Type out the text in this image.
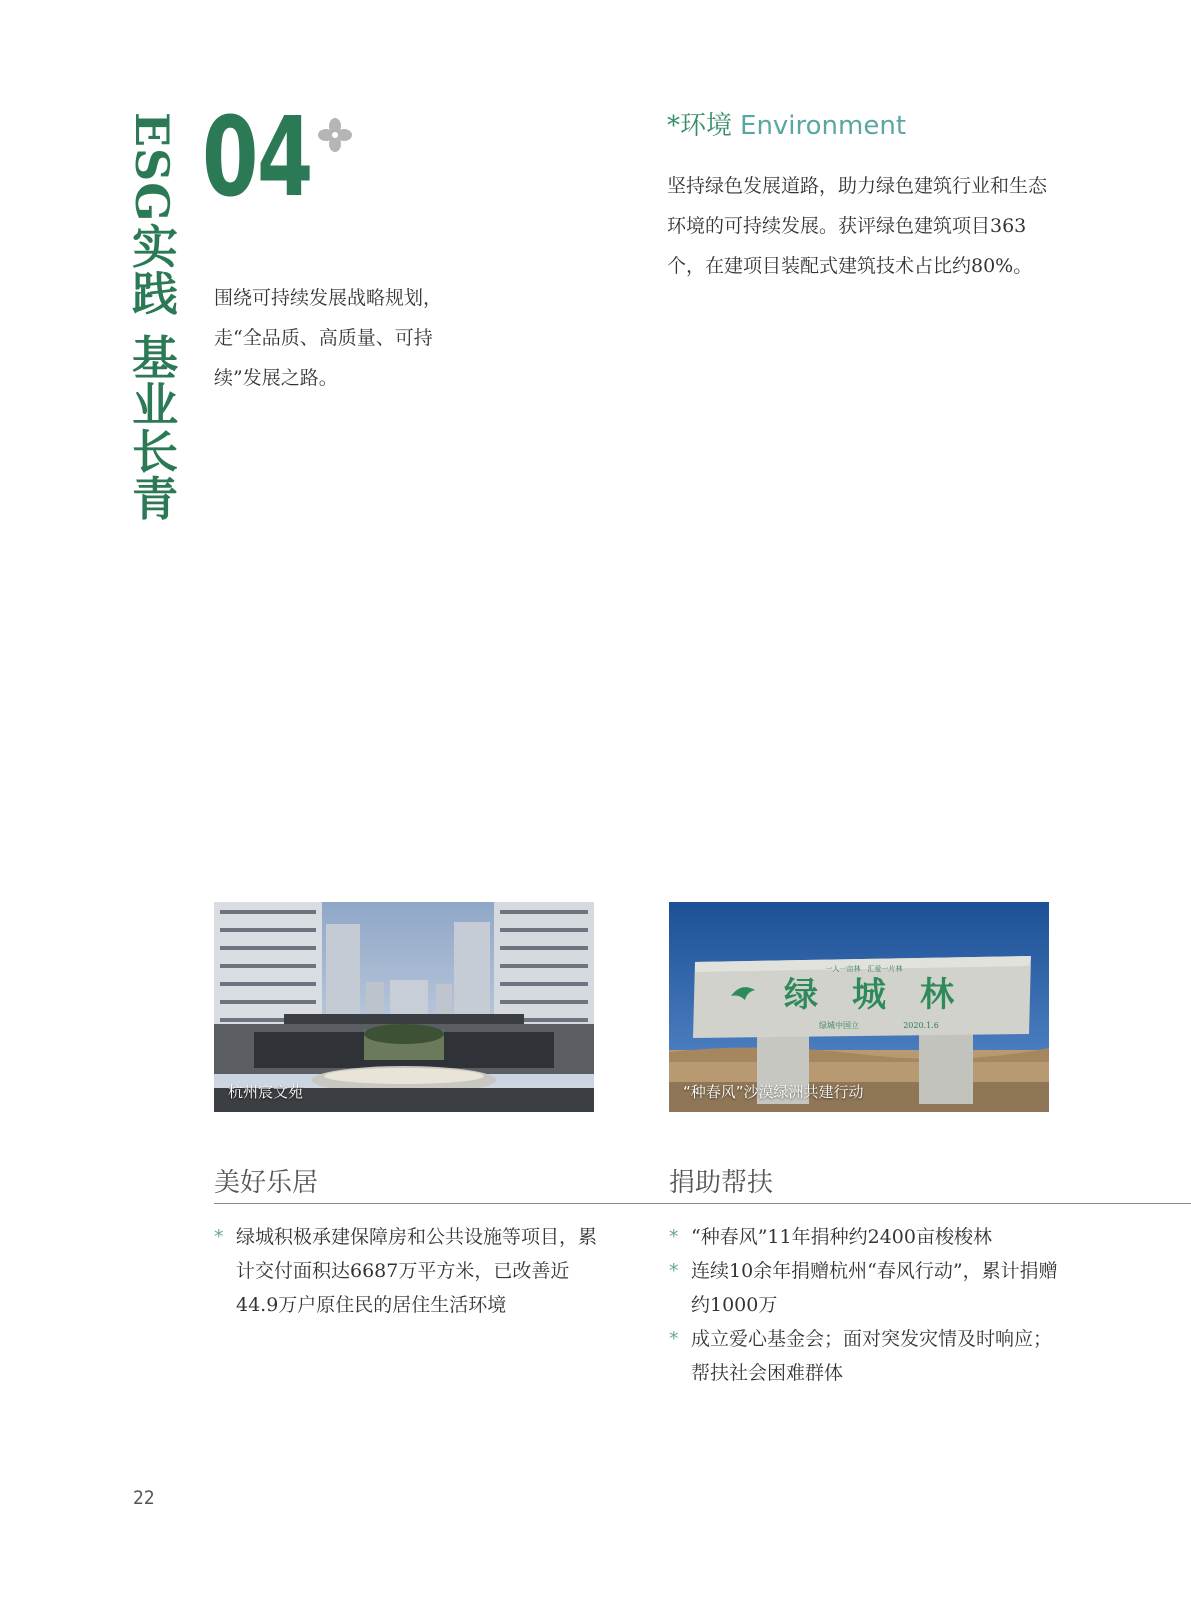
ESG实践 基业长青 04
围绕可持续发展战略规划，走“全品质、高质量、可持续”发展之路。
*环境 Environment
坚持绿色发展道路，助力绿色建筑行业和生态环境的可持续发展。获评绿色建筑项目363个，在建项目装配式建筑技术占比约80%。
杭州宸文苑
一人一亩林　汇爱一片林
绿　城　林
绿城中国立	2020.1.6
“种春风”沙漠绿洲共建行动
美好乐居	捐助帮扶
* 绿城积极承建保障房和公共设施等项目，累计交付面积达6687万平方米，已改善近44.9万户原住民的居住生活环境
* “种春风”11年捐种约2400亩梭梭林
* 连续10余年捐赠杭州“春风行动”，累计捐赠约1000万
* 成立爱心基金会；面对突发灾情及时响应；帮扶社会困难群体
22
